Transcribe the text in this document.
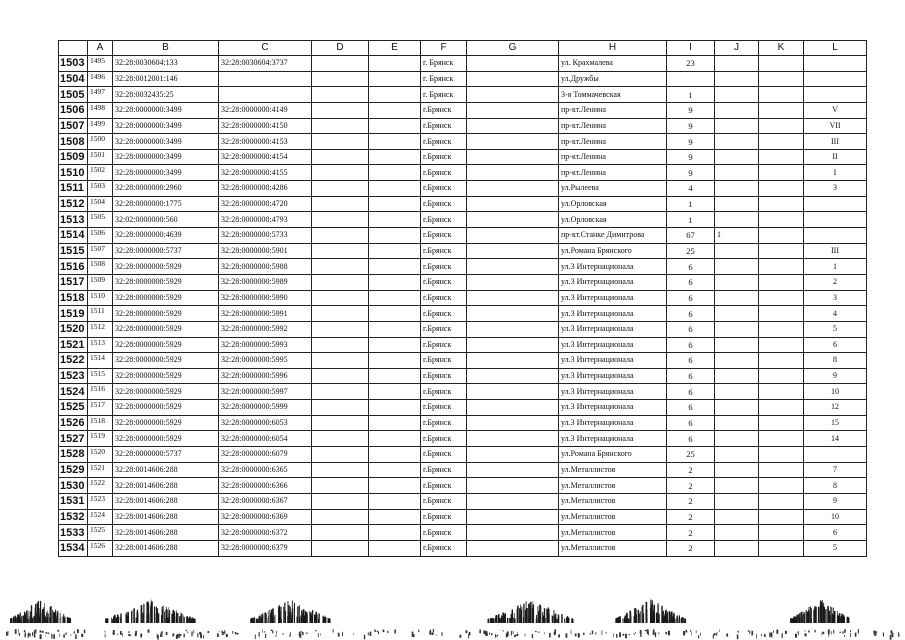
	A	B	C	D	E	F	G	H	I	J	K	L
1503	1495	32:28:0030604:133	32:28:0030604:3737			г. Брянск		ул. Крахмалева	23			
1504	1496	32:28:0012001:146				г. Брянск		ул.Дружбы				
1505	1497	32:28:0032435:25				г. Брянск		3-я Томмачевская	1			
1506	1498	32:28:0000000:3499	32:28:0000000:4149			г.Брянск		пр-кт.Ленина	9			V
1507	1499	32:28:0000000:3499	32:28:0000000:4150			г.Брянск		пр-кт.Ленина	9			VII
1508	1500	32:28:0000000:3499	32:28:0000000:4153			г.Брянск		пр-кт.Ленина	9			III
1509	1501	32:28:0000000:3499	32:28:0000000:4154			г.Брянск		пр-кт.Ленина	9			II
1510	1502	32:28:0000000:3499	32:28:0000000:4155			г.Брянск		пр-кт.Ленина	9			I
1511	1503	32:28:0000000:2960	32:28:0000000:4286			г.Брянск		ул.Рылеева	4			3
1512	1504	32:28:0000000:1775	32:28:0000000:4720			г.Брянск		ул.Орловская	1			
1513	1505	32:02:0000000:560	32:28:0000000:4793			г.Брянск		ул.Орловская	1			
1514	1506	32:28:0000000:4639	32:28:0000000:5733			г.Брянск		пр-кт.Станке Димитрова	67	1		
1515	1507	32:28:0000000:5737	32:28:0000000:5901			г.Брянск		ул.Романа Брянского	25			III
1516	1508	32:28:0000000:5929	32:28:0000000:5988			г.Брянск		ул.3 Интернационала	6			1
1517	1509	32:28:0000000:5929	32:28:0000000:5989			г.Брянск		ул.3 Интернационала	6			2
1518	1510	32:28:0000000:5929	32:28:0000000:5990			г.Брянск		ул.3 Интернационала	6			3
1519	1511	32:28:0000000:5929	32:28:0000000:5991			г.Брянск		ул.3 Интернационала	6			4
1520	1512	32:28:0000000:5929	32:28:0000000:5992			г.Брянск		ул.3 Интернационала	6			5
1521	1513	32:28:0000000:5929	32:28:0000000:5993			г.Брянск		ул.3 Интернационала	6			6
1522	1514	32:28:0000000:5929	32:28:0000000:5995			г.Брянск		ул.3 Интернационала	6			8
1523	1515	32:28:0000000:5929	32:28:0000000:5996			г.Брянск		ул.3 Интернационала	6			9
1524	1516	32:28:0000000:5929	32:28:0000000:5997			г.Брянск		ул.3 Интернационала	6			10
1525	1517	32:28:0000000:5929	32:28:0000000:5999			г.Брянск		ул.3 Интернационала	6			12
1526	1518	32:28:0000000:5929	32:28:0000000:6053			г.Брянск		ул.3 Интернационала	6			15
1527	1519	32:28:0000000:5929	32:28:0000000:6054			г.Брянск		ул.3 Интернационала	6			14
1528	1520	32:28:0000000:5737	32:28:0000000:6079			г.Брянск		ул.Романа Брянского	25			
1529	1521	32:28:0014606:288	32:28:0000000:6365			г.Брянск		ул.Металлистов	2			7
1530	1522	32:28:0014606:288	32:28:0000000:6366			г.Брянск		ул.Металлистов	2			8
1531	1523	32:28:0014606:288	32:28:0000000:6367			г.Брянск		ул.Металлистов	2			9
1532	1524	32:28:0014606:288	32:28:0000000:6369			г.Брянск		ул.Металлистов	2			10
1533	1525	32:28:0014606:288	32:28:0000000:6372			г.Брянск		ул.Металлистов	2			6
1534	1526	32:28:0014606:288	32:28:0000000:6379			г.Брянск		ул.Металлистов	2			5
